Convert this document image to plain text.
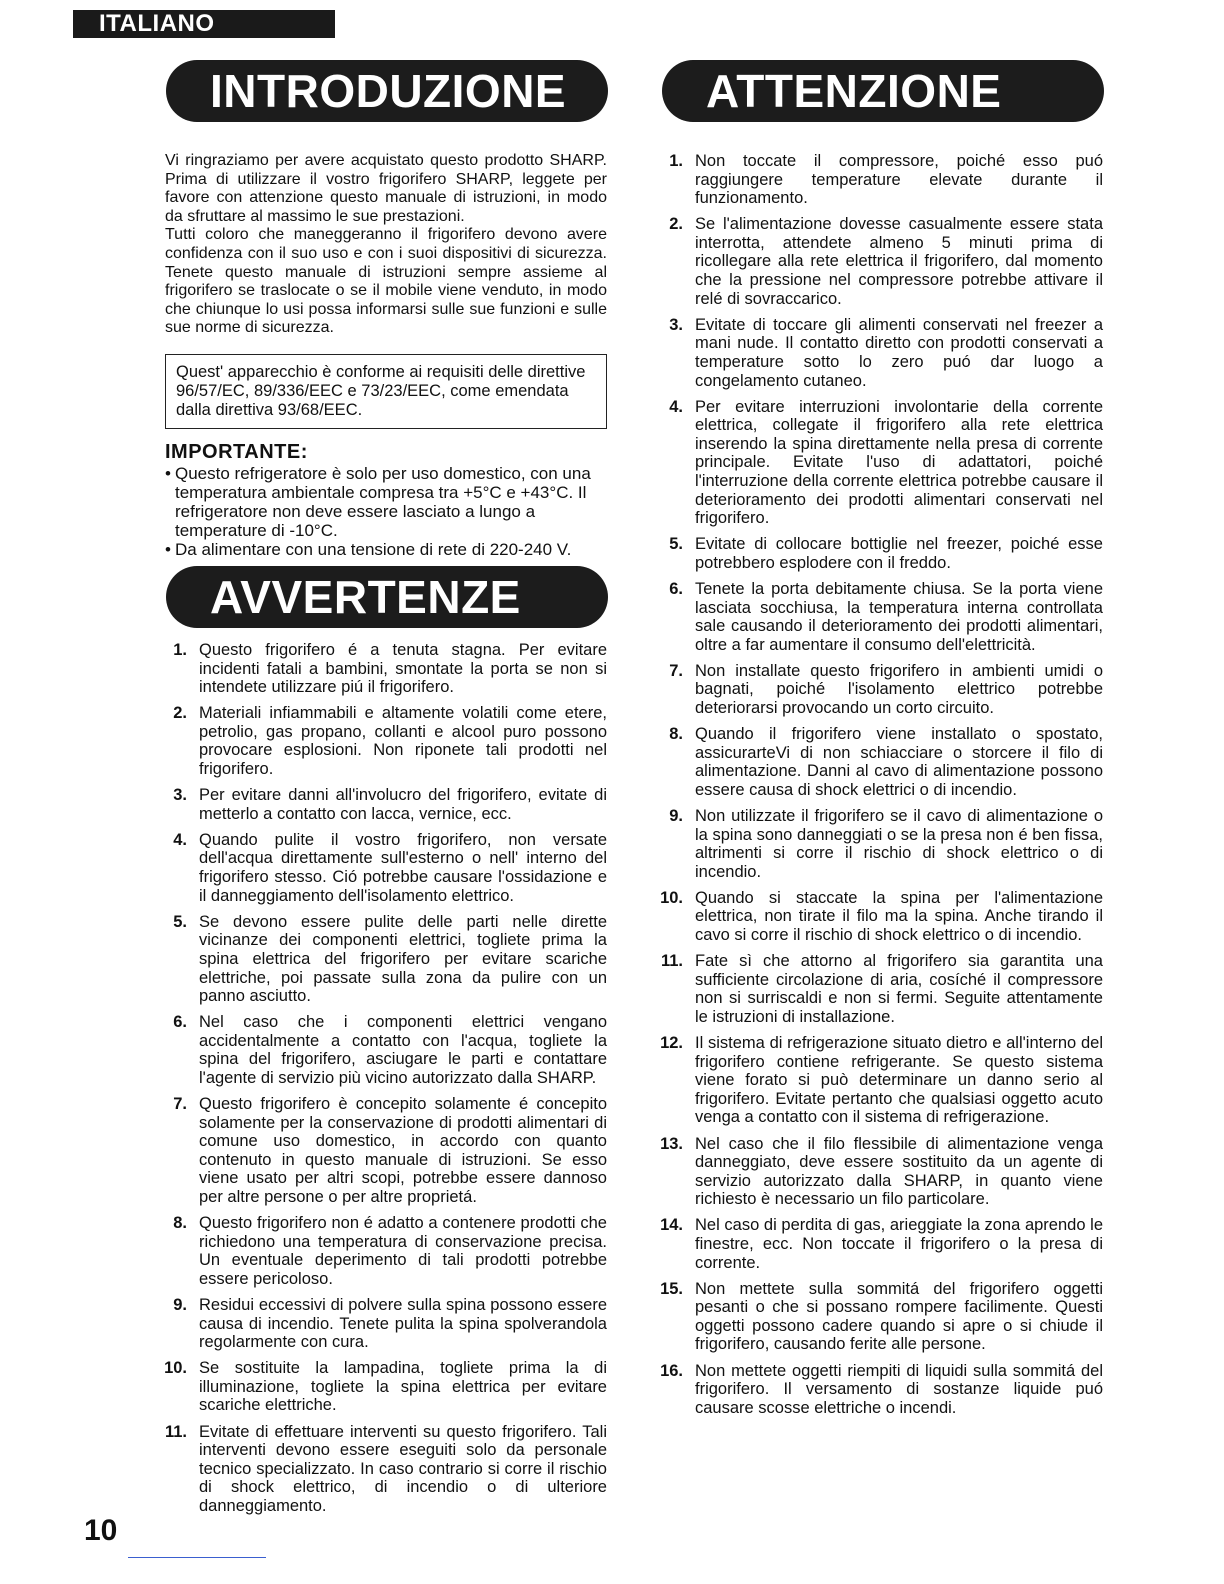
ITALIANO
INTRODUZIONE	ATTENZIONE

Vi ringraziamo per avere acquistato questo prodotto SHARP. Prima di utilizzare il vostro frigorifero SHARP, leggete per favore con attenzione questo manuale di istruzioni, in modo da sfruttare al massimo le sue prestazioni.

Tutti coloro che maneggeranno il frigorifero devono avere confidenza con il suo uso e con i suoi dispositivi di sicurezza. Tenete questo manuale di istruzioni sempre assieme al frigorifero se traslocate o se il mobile viene venduto, in modo che chiunque lo usi possa informarsi sulle sue funzioni e sulle sue norme di sicurezza.

Quest' apparecchio è conforme ai requisiti delle direttive 96/57/EC, 89/336/EEC e 73/23/EEC, come emendata dalla direttiva 93/68/EEC.
IMPORTANTE:
• Questo refrigeratore è solo per uso domestico, con una temperatura ambientale compresa tra +5°C e +43°C. Il refrigeratore non deve essere lasciato a lungo a temperature di -10°C.
• Da alimentare con una tensione di rete di 220-240 V.
AVVERTENZE
1. Questo frigorifero é a tenuta stagna. Per evitare incidenti fatali a bambini, smontate la porta se non si intendete utilizzare piú il frigorifero.
2. Materiali infiammabili e altamente volatili come etere, petrolio, gas propano, collanti e alcool puro possono provocare esplosioni. Non riponete tali prodotti nel frigorifero.
3. Per evitare danni all'involucro del frigorifero, evitate di metterlo a contatto con lacca, vernice, ecc.
4. Quando pulite il vostro frigorifero, non versate dell'acqua direttamente sull'esterno o nell' interno del frigorifero stesso. Ció potrebbe causare l'ossidazione e il danneggiamento dell'isolamento elettrico.
5. Se devono essere pulite delle parti nelle dirette vicinanze dei componenti elettrici, togliete prima la spina elettrica del frigorifero per evitare scariche elettriche, poi passate sulla zona da pulire con un panno asciutto.
6. Nel caso che i componenti elettrici vengano accidentalmente a contatto con l'acqua, togliete la spina del frigorifero, asciugare le parti e contattare l'agente di servizio più vicino autorizzato dalla SHARP.
7. Questo frigorifero è concepito solamente é concepito solamente per la conservazione di prodotti alimentari di comune uso domestico, in accordo con quanto contenuto in questo manuale di istruzioni. Se esso viene usato per altri scopi, potrebbe essere dannoso per altre persone o per altre proprietá.
8. Questo frigorifero non é adatto a contenere prodotti che richiedono una temperatura di conservazione precisa. Un eventuale deperimento di tali prodotti potrebbe essere pericoloso.
9. Residui eccessivi di polvere sulla spina possono essere causa di incendio. Tenete pulita la spina spolverandola regolarmente con cura.
10. Se sostituite la lampadina, togliete prima la di illuminazione, togliete la spina elettrica per evitare scariche elettriche.
11. Evitate di effettuare interventi su questo frigorifero. Tali interventi devono essere eseguiti solo da personale tecnico specializzato. In caso contrario si corre il rischio di shock elettrico, di incendio o di ulteriore danneggiamento.
1. Non toccate il compressore, poiché esso puó raggiungere temperature elevate durante il funzionamento.
2. Se l'alimentazione dovesse casualmente essere stata interrotta, attendete almeno 5 minuti prima di ricollegare alla rete elettrica il frigorifero, dal momento che la pressione nel compressore potrebbe attivare il relé di sovraccarico.
3. Evitate di toccare gli alimenti conservati nel freezer a mani nude. Il contatto diretto con prodotti conservati a temperature sotto lo zero puó dar luogo a congelamento cutaneo.
4. Per evitare interruzioni involontarie della corrente elettrica, collegate il frigorifero alla rete elettrica inserendo la spina direttamente nella presa di corrente principale. Evitate l'uso di adattatori, poiché l'interruzione della corrente elettrica potrebbe causare il deterioramento dei prodotti alimentari conservati nel frigorifero.
5. Evitate di collocare bottiglie nel freezer, poiché esse potrebbero esplodere con il freddo.
6. Tenete la porta debitamente chiusa. Se la porta viene lasciata socchiusa, la temperatura interna controllata sale causando il deterioramento dei prodotti alimentari, oltre a far aumentare il consumo dell'elettricità.
7. Non installate questo frigorifero in ambienti umidi o bagnati, poiché l'isolamento elettrico potrebbe deteriorarsi provocando un corto circuito.
8. Quando il frigorifero viene installato o spostato, assicurarteVi di non schiacciare o storcere il filo di alimentazione. Danni al cavo di alimentazione possono essere causa di shock elettrici o di incendio.
9. Non utilizzate il frigorifero se il cavo di alimentazione o la spina sono danneggiati o se la presa non é ben fissa, altrimenti si corre il rischio di shock elettrico o di incendio.
10. Quando si staccate la spina per l'alimentazione elettrica, non tirate il filo ma la spina. Anche tirando il cavo si corre il rischio di shock elettrico o di incendio.
11. Fate sì che attorno al frigorifero sia garantita una sufficiente circolazione di aria, cosíché il compressore non si surriscaldi e non si fermi. Seguite attentamente le istruzioni di installazione.
12. Il sistema di refrigerazione situato dietro e all'interno del frigorifero contiene refrigerante. Se questo sistema viene forato si può determinare un danno serio al frigorifero. Evitate pertanto che qualsiasi oggetto acuto venga a contatto con il sistema di refrigerazione.
13. Nel caso che il filo flessibile di alimentazione venga danneggiato, deve essere sostituito da un agente di servizio autorizzato dalla SHARP, in quanto viene richiesto è necessario un filo particolare.
14. Nel caso di perdita di gas, arieggiate la zona aprendo le finestre, ecc. Non toccate il frigorifero o la presa di corrente.
15. Non mettete sulla sommitá del frigorifero oggetti pesanti o che si possano rompere facilimente. Questi oggetti possono cadere quando si apre o si chiude il frigorifero, causando ferite alle persone.
16. Non mettete oggetti riempiti di liquidi sulla sommitá del frigorifero. Il versamento di sostanze liquide puó causare scosse elettriche o incendi.
10
